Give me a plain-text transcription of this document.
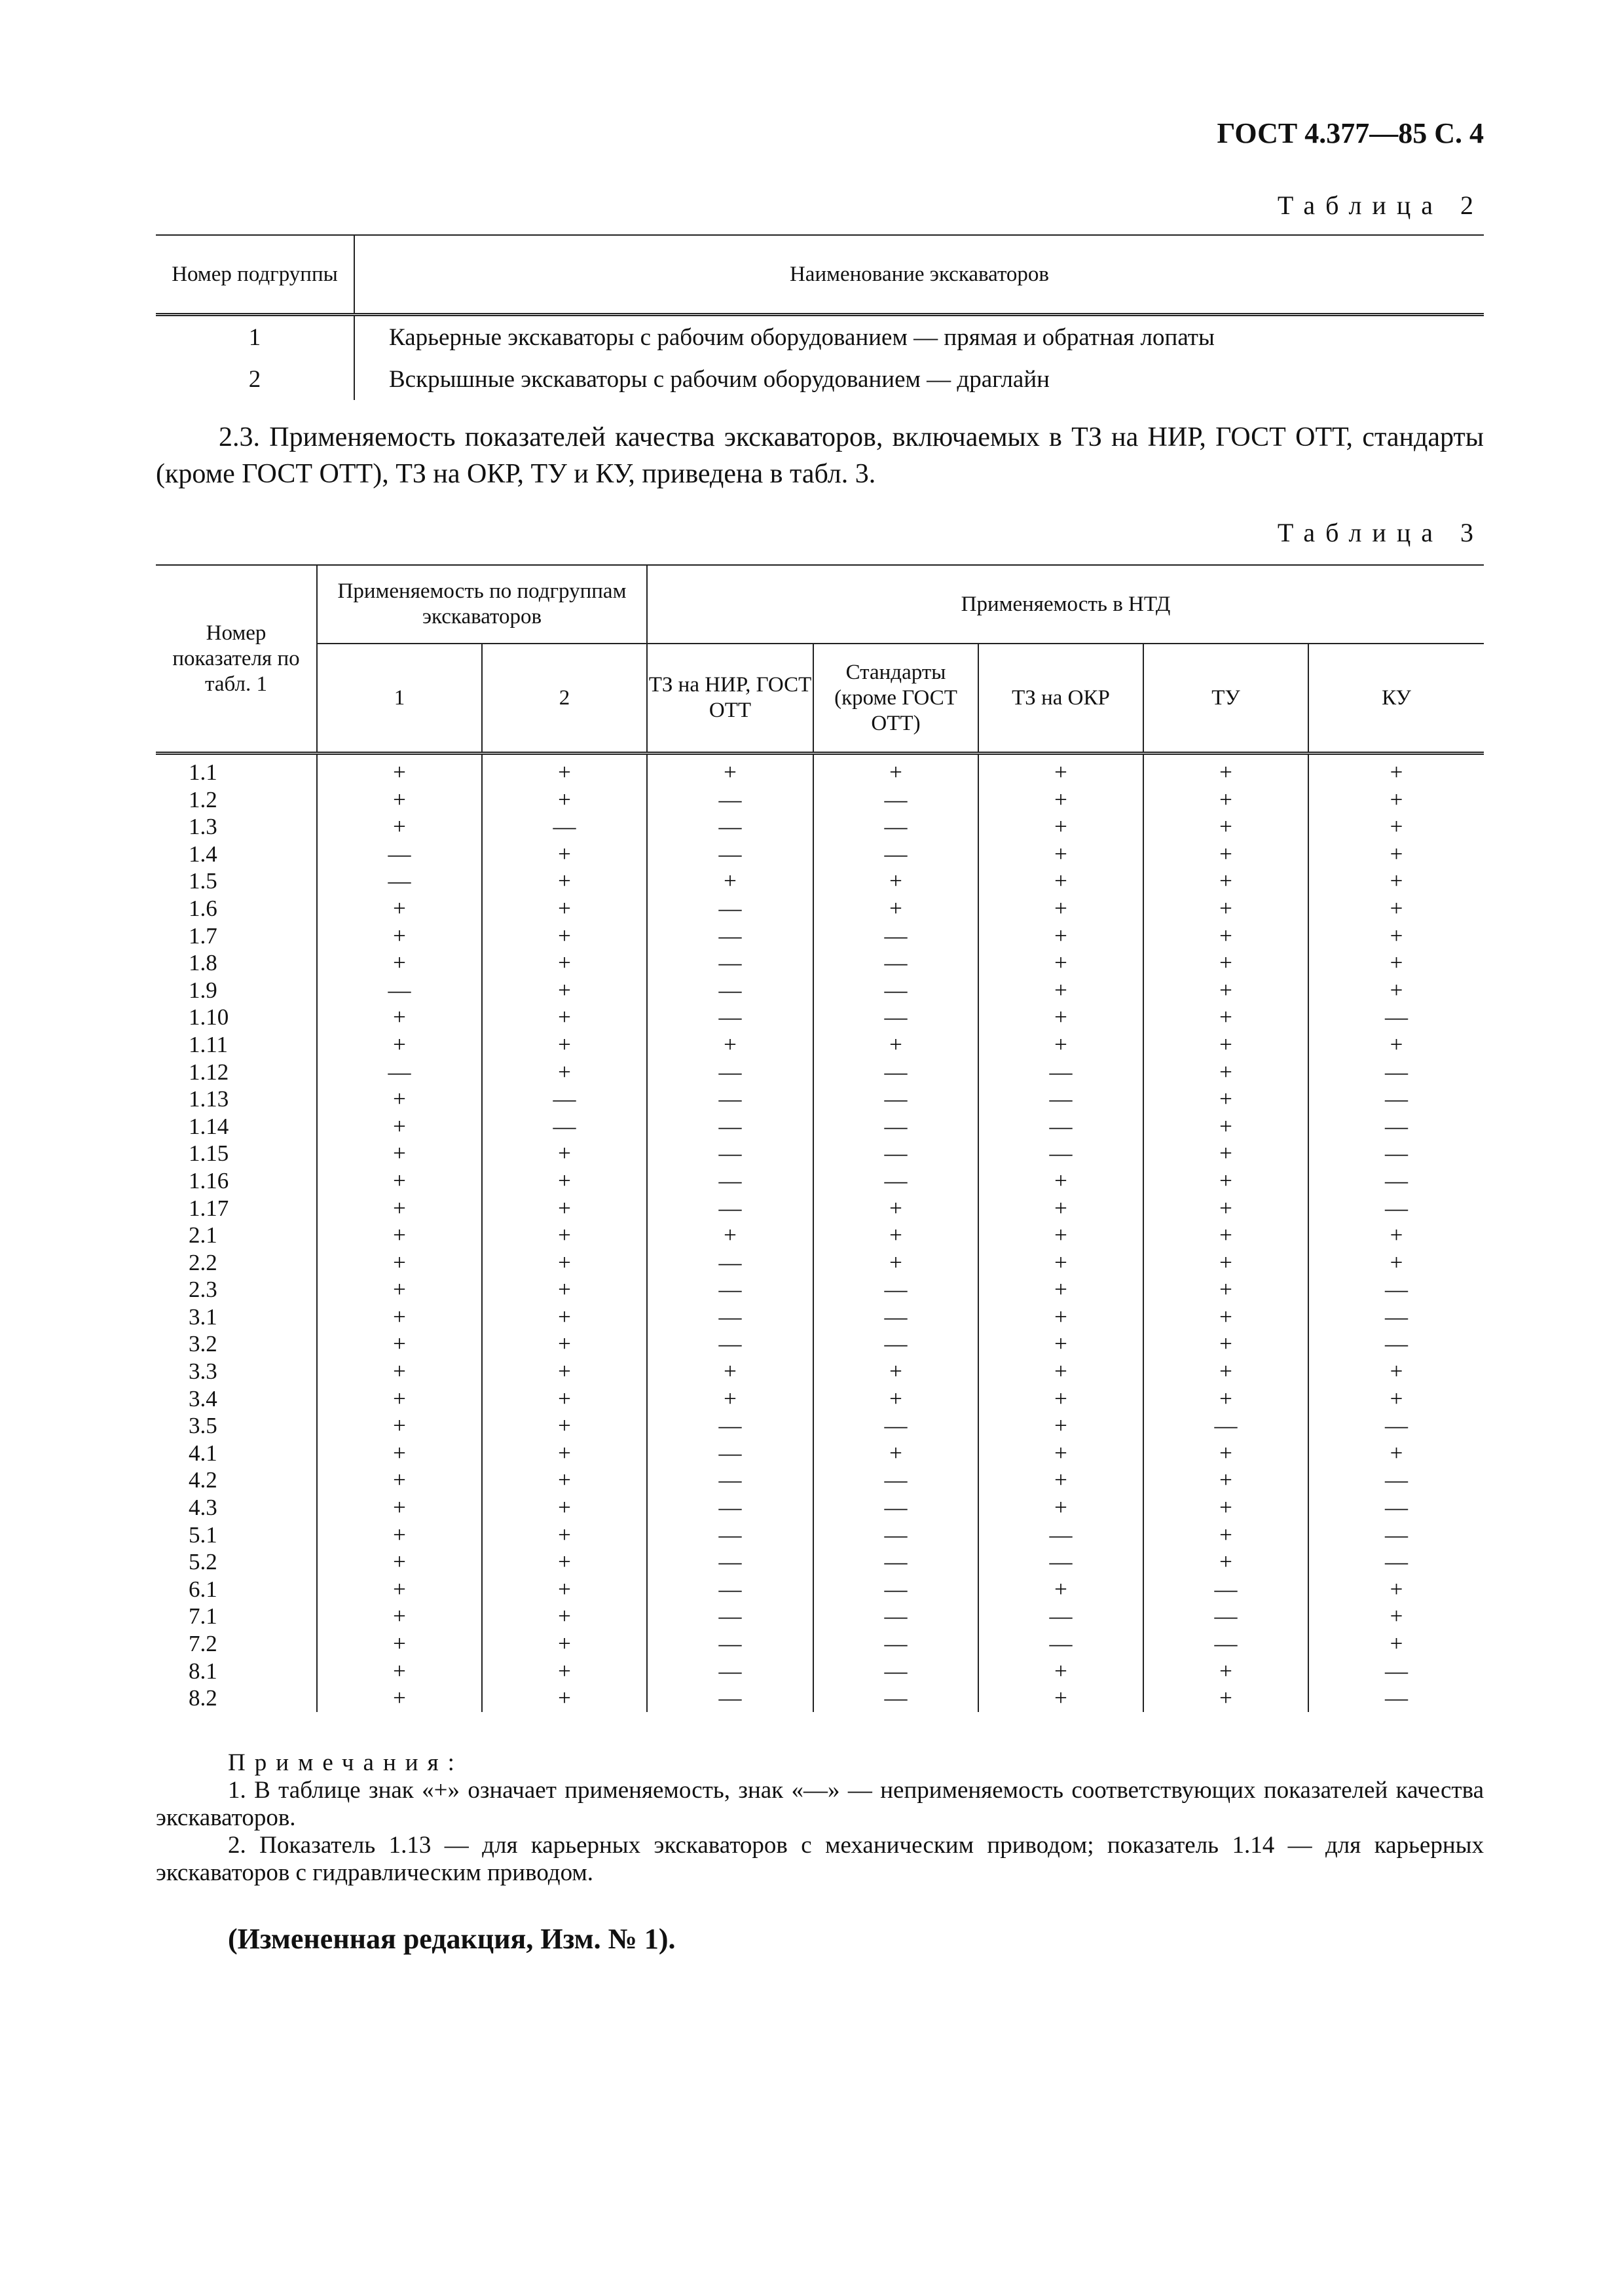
ГОСТ 4.377—85 С. 4
Таблица 2
Номер подгруппы	Наименование экскаваторов
1	Карьерные экскаваторы с рабочим оборудованием — прямая и обратная лопаты
2	Вскрышные экскаваторы с рабочим оборудованием — драглайн
2.3. Применяемость показателей качества экскаваторов, включаемых в ТЗ на НИР, ГОСТ ОТТ, стандарты (кроме ГОСТ ОТТ), ТЗ на ОКР, ТУ и КУ, приведена в табл. 3.
Таблица 3
Номер показателя по табл. 1	Применяемость по подгруппам экскаваторов		Применяемость в НТД				
	1	2	ТЗ на НИР, ГОСТ ОТТ	Стандарты (кроме ГОСТ ОТТ)	ТЗ на ОКР	ТУ	КУ
1.1	+	+	+	+	+	+	+
1.2	+	+	—	—	+	+	+
1.3	+	—	—	—	+	+	+
1.4	—	+	—	—	+	+	+
1.5	—	+	+	+	+	+	+
1.6	+	+	—	+	+	+	+
1.7	+	+	—	—	+	+	+
1.8	+	+	—	—	+	+	+
1.9	—	+	—	—	+	+	+
1.10	+	+	—	—	+	+	—
1.11	+	+	+	+	+	+	+
1.12	—	+	—	—	—	+	—
1.13	+	—	—	—	—	+	—
1.14	+	—	—	—	—	+	—
1.15	+	+	—	—	—	+	—
1.16	+	+	—	—	+	+	—
1.17	+	+	—	+	+	+	—
2.1	+	+	+	+	+	+	+
2.2	+	+	—	+	+	+	+
2.3	+	+	—	—	+	+	—
3.1	+	+	—	—	+	+	—
3.2	+	+	—	—	+	+	—
3.3	+	+	+	+	+	+	+
3.4	+	+	+	+	+	+	+
3.5	+	+	—	—	+	—	—
4.1	+	+	—	+	+	+	+
4.2	+	+	—	—	+	+	—
4.3	+	+	—	—	+	+	—
5.1	+	+	—	—	—	+	—
5.2	+	+	—	—	—	+	—
6.1	+	+	—	—	+	—	+
7.1	+	+	—	—	—	—	+
7.2	+	+	—	—	—	—	+
8.1	+	+	—	—	+	+	—
8.2	+	+	—	—	+	+	—
Примечания:
1. В таблице знак «+» означает применяемость, знак «—» — неприменяемость соответствующих показателей качества экскаваторов.
2. Показатель 1.13 — для карьерных экскаваторов с механическим приводом; показатель 1.14 — для карьерных экскаваторов с гидравлическим приводом.
(Измененная редакция, Изм. № 1).
